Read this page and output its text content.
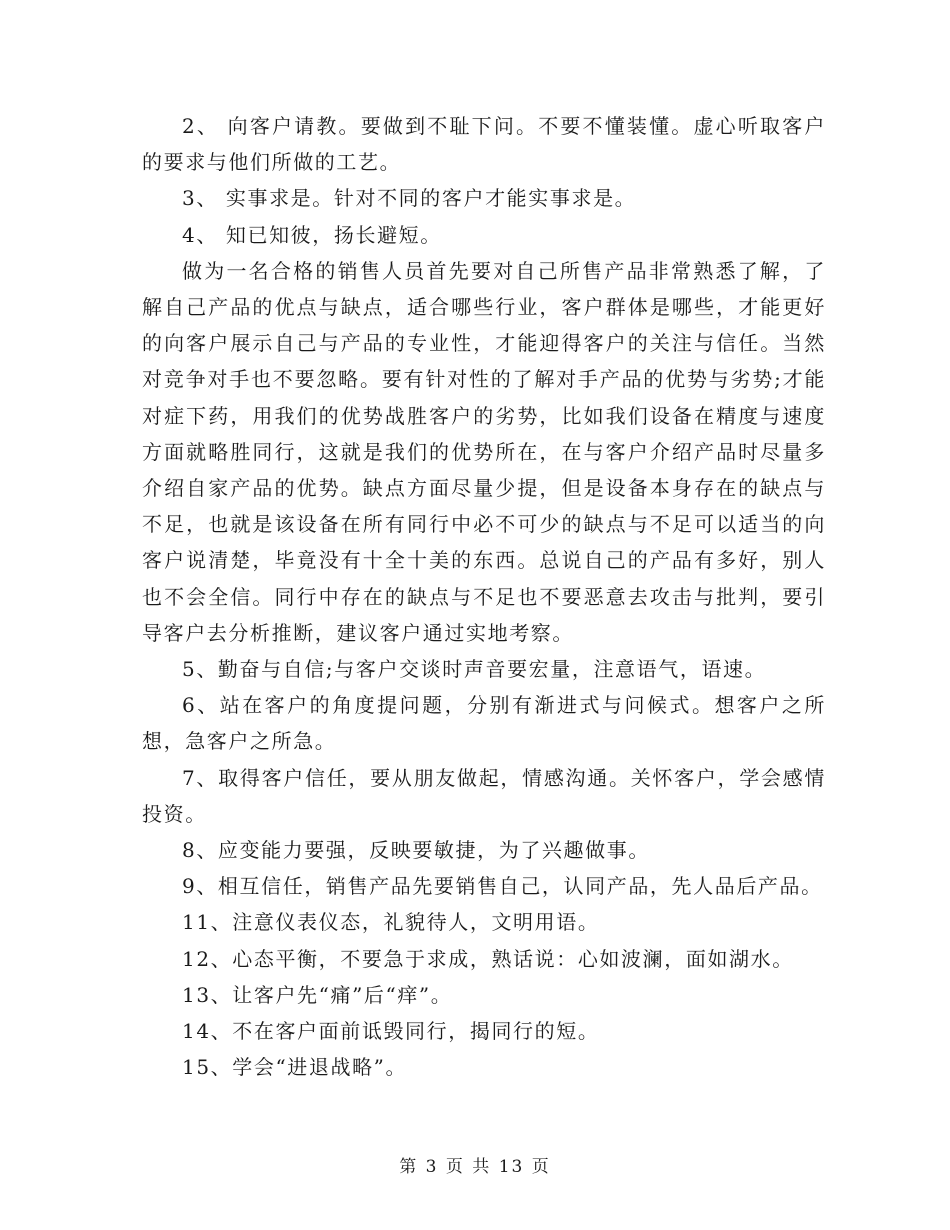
2、 向客户请教。要做到不耻下问。不要不懂装懂。虚心听取客户的要求与他们所做的工艺。

3、 实事求是。针对不同的客户才能实事求是。

4、 知已知彼，扬长避短。

做为一名合格的销售人员首先要对自己所售产品非常熟悉了解，了解自己产品的优点与缺点，适合哪些行业，客户群体是哪些，才能更好的向客户展示自己与产品的专业性，才能迎得客户的关注与信任。当然对竞争对手也不要忽略。要有针对性的了解对手产品的优势与劣势;才能对症下药，用我们的优势战胜客户的劣势，比如我们设备在精度与速度方面就略胜同行，这就是我们的优势所在，在与客户介绍产品时尽量多介绍自家产品的优势。缺点方面尽量少提，但是设备本身存在的缺点与不足，也就是该设备在所有同行中必不可少的缺点与不足可以适当的向客户说清楚，毕竟没有十全十美的东西。总说自己的产品有多好，别人也不会全信。同行中存在的缺点与不足也不要恶意去攻击与批判，要引导客户去分析推断，建议客户通过实地考察。

5、勤奋与自信;与客户交谈时声音要宏量，注意语气，语速。

6、站在客户的角度提问题，分别有渐进式与问候式。想客户之所想，急客户之所急。

7、取得客户信任，要从朋友做起，情感沟通。关怀客户，学会感情投资。

8、应变能力要强，反映要敏捷，为了兴趣做事。

9、相互信任，销售产品先要销售自己，认同产品，先人品后产品。

11、注意仪表仪态，礼貌待人，文明用语。

12、心态平衡，不要急于求成，熟话说：心如波澜，面如湖水。

13、让客户先“痛”后“痒”。

14、不在客户面前诋毁同行，揭同行的短。

15、学会“进退战略”。

第 3 页 共 13 页
